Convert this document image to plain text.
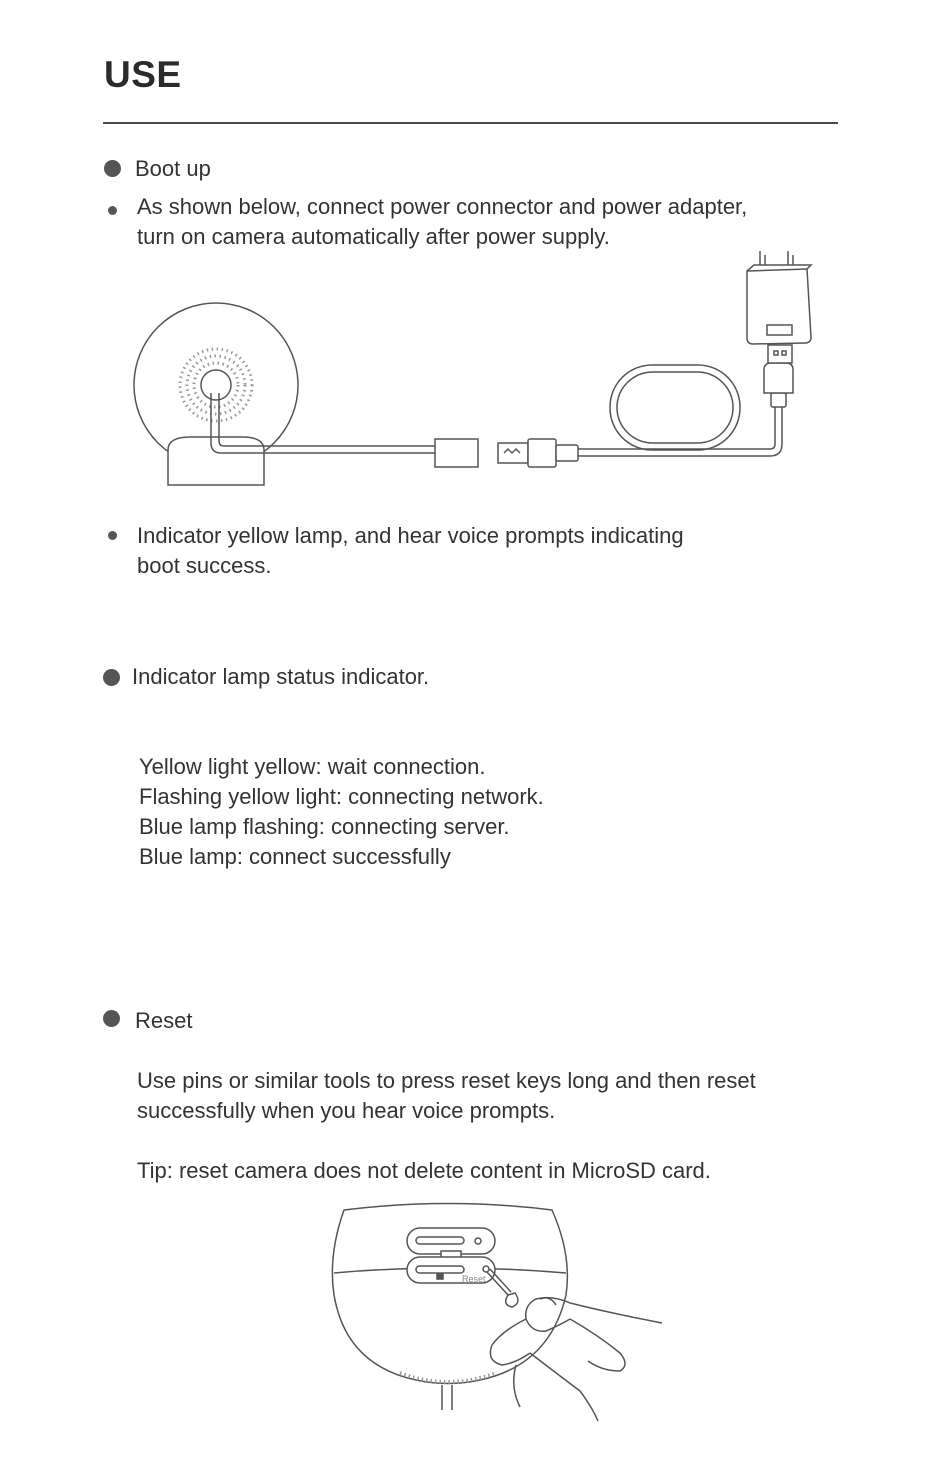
USE
Boot up
As shown below, connect power connector and power adapter,
turn on camera automatically after power supply.
Indicator yellow lamp, and hear voice prompts indicating
boot success.
Indicator lamp status indicator.
Yellow light yellow: wait connection.
Flashing yellow light: connecting network.
Blue lamp flashing: connecting server.
Blue lamp: connect successfully
Reset
Use pins or similar tools to press reset keys long and then reset
successfully when you hear voice prompts.
Tip: reset camera does not delete content in MicroSD card.
Reset
